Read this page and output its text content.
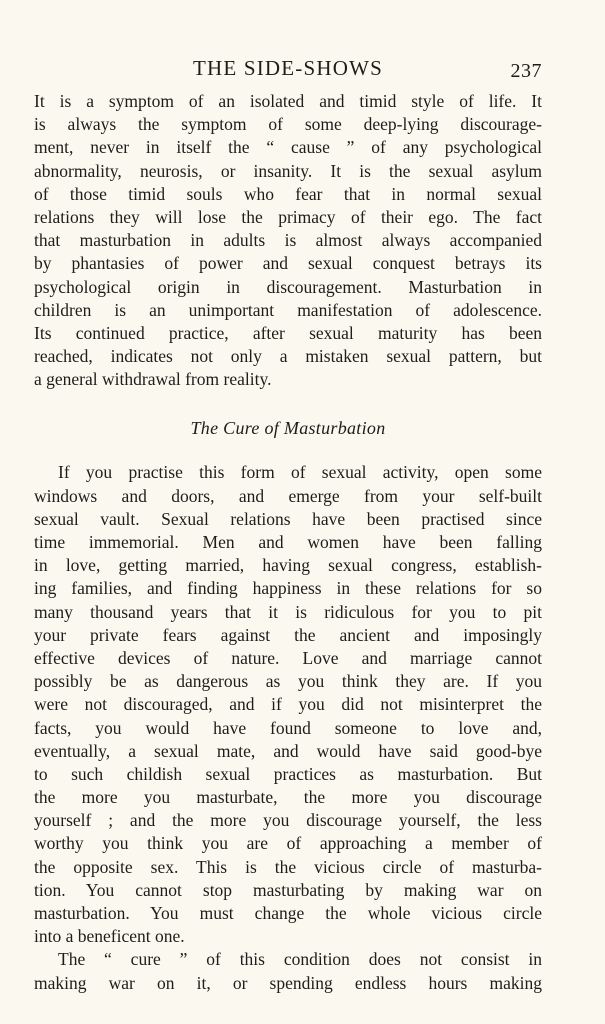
THE SIDE-SHOWS	237
It is a symptom of an isolated and timid style of life. It
is always the symptom of some deep-lying discourage-
ment, never in itself the “ cause ” of any psychological
abnormality, neurosis, or insanity. It is the sexual asylum
of those timid souls who fear that in normal sexual
relations they will lose the primacy of their ego. The fact
that masturbation in adults is almost always accompanied
by phantasies of power and sexual conquest betrays its
psychological origin in discouragement. Masturbation in
children is an unimportant manifestation of adolescence.
Its continued practice, after sexual maturity has been
reached, indicates not only a mistaken sexual pattern, but
a general withdrawal from reality.
The Cure of Masturbation
If you practise this form of sexual activity, open some
windows and doors, and emerge from your self-built
sexual vault. Sexual relations have been practised since
time immemorial. Men and women have been falling
in love, getting married, having sexual congress, establish-
ing families, and finding happiness in these relations for so
many thousand years that it is ridiculous for you to pit
your private fears against the ancient and imposingly
effective devices of nature. Love and marriage cannot
possibly be as dangerous as you think they are. If you
were not discouraged, and if you did not misinterpret the
facts, you would have found someone to love and,
eventually, a sexual mate, and would have said good-bye
to such childish sexual practices as masturbation. But
the more you masturbate, the more you discourage
yourself ; and the more you discourage yourself, the less
worthy you think you are of approaching a member of
the opposite sex. This is the vicious circle of masturba-
tion. You cannot stop masturbating by making war on
masturbation. You must change the whole vicious circle
into a beneficent one.
The “ cure ” of this condition does not consist in
making war on it, or spending endless hours making
